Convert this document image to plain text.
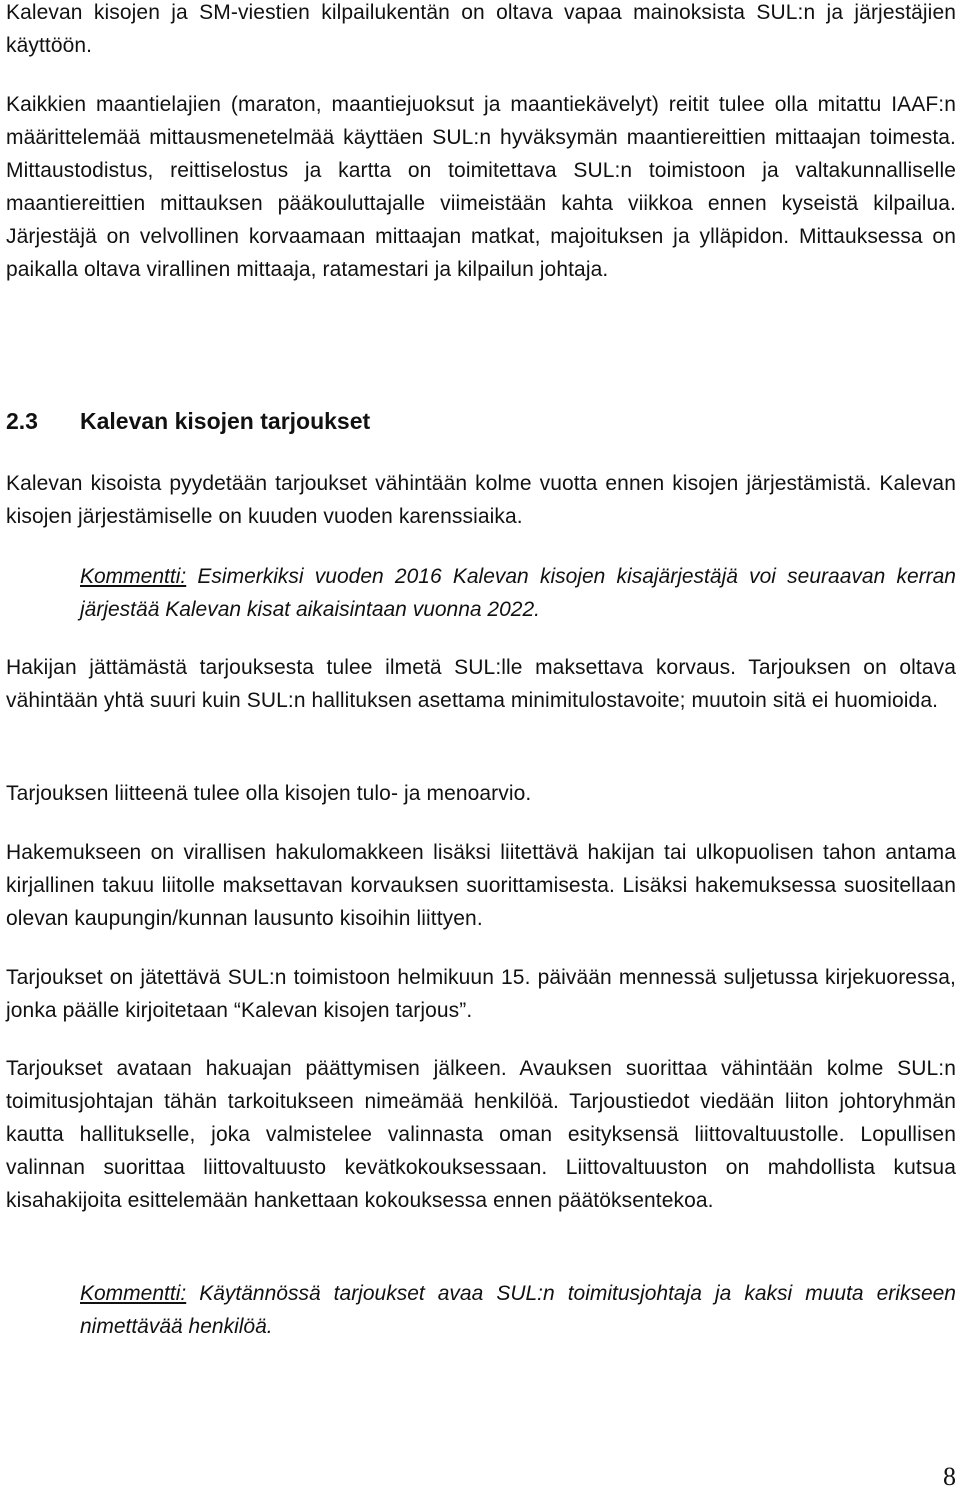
Kalevan kisojen ja SM-viestien kilpailukentän on oltava vapaa mainoksista SUL:n ja järjestäjien käyttöön.

Kaikkien maantielajien (maraton, maantiejuoksut ja maantiekävelyt) reitit tulee olla mitattu IAAF:n määrittelemää mittausmenetelmää käyttäen SUL:n hyväksymän maantiereittien mittaajan toimesta. Mittaustodistus, reittiselostus ja kartta on toimitettava SUL:n toimistoon ja valtakunnalliselle maantiereittien mittauksen pääkouluttajalle viimeistään kahta viikkoa ennen kyseistä kilpailua. Järjestäjä on velvollinen korvaamaan mittaajan matkat, majoituksen ja ylläpidon. Mittauksessa on paikalla oltava virallinen mittaaja, ratamestari ja kilpailun johtaja.

2.3 Kalevan kisojen tarjoukset

Kalevan kisoista pyydetään tarjoukset vähintään kolme vuotta ennen kisojen järjestämistä. Kalevan kisojen järjestämiselle on kuuden vuoden karenssiaika.

Kommentti: Esimerkiksi vuoden 2016 Kalevan kisojen kisajärjestäjä voi seuraavan kerran järjestää Kalevan kisat aikaisintaan vuonna 2022.

Hakijan jättämästä tarjouksesta tulee ilmetä SUL:lle maksettava korvaus. Tarjouksen on oltava vähintään yhtä suuri kuin SUL:n hallituksen asettama minimitulostavoite; muutoin sitä ei huomioida.

Tarjouksen liitteenä tulee olla kisojen tulo- ja menoarvio.

Hakemukseen on virallisen hakulomakkeen lisäksi liitettävä hakijan tai ulkopuolisen tahon antama kirjallinen takuu liitolle maksettavan korvauksen suorittamisesta. Lisäksi hakemuksessa suositellaan olevan kaupungin/kunnan lausunto kisoihin liittyen.

Tarjoukset on jätettävä SUL:n toimistoon helmikuun 15. päivään mennessä suljetussa kirjekuoressa, jonka päälle kirjoitetaan “Kalevan kisojen tarjous”.

Tarjoukset avataan hakuajan päättymisen jälkeen. Avauksen suorittaa vähintään kolme SUL:n toimitusjohtajan tähän tarkoitukseen nimeämää henkilöä. Tarjoustiedot viedään liiton johtoryhmän kautta hallitukselle, joka valmistelee valinnasta oman esityksensä liittovaltuustolle. Lopullisen valinnan suorittaa liittovaltuusto kevätkokouksessaan. Liittovaltuuston on mahdollista kutsua kisahakijoita esittelemään hankettaan kokouksessa ennen päätöksentekoa.

Kommentti: Käytännössä tarjoukset avaa SUL:n toimitusjohtaja ja kaksi muuta erikseen nimettävää henkilöä.

8
